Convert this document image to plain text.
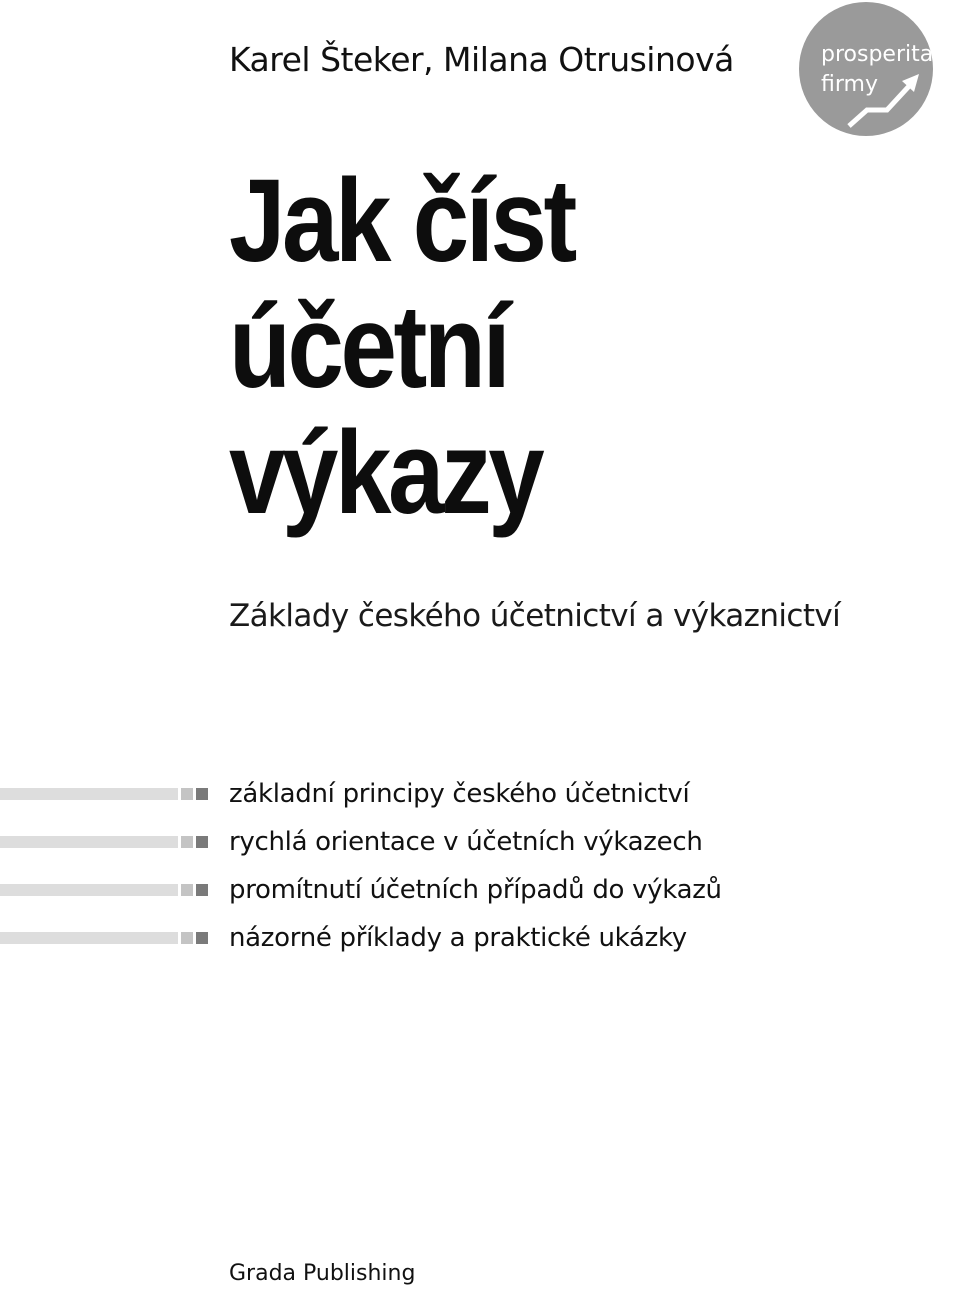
Karel Šteker, Milana Otrusinová	prosperita
firmy
Jak číst
účetní
výkazy
Základy českého účetnictví a výkaznictví
základní principy českého účetnictví
rychlá orientace v účetních výkazech
promítnutí účetních případů do výkazů
názorné příklady a praktické ukázky
Grada Publishing
